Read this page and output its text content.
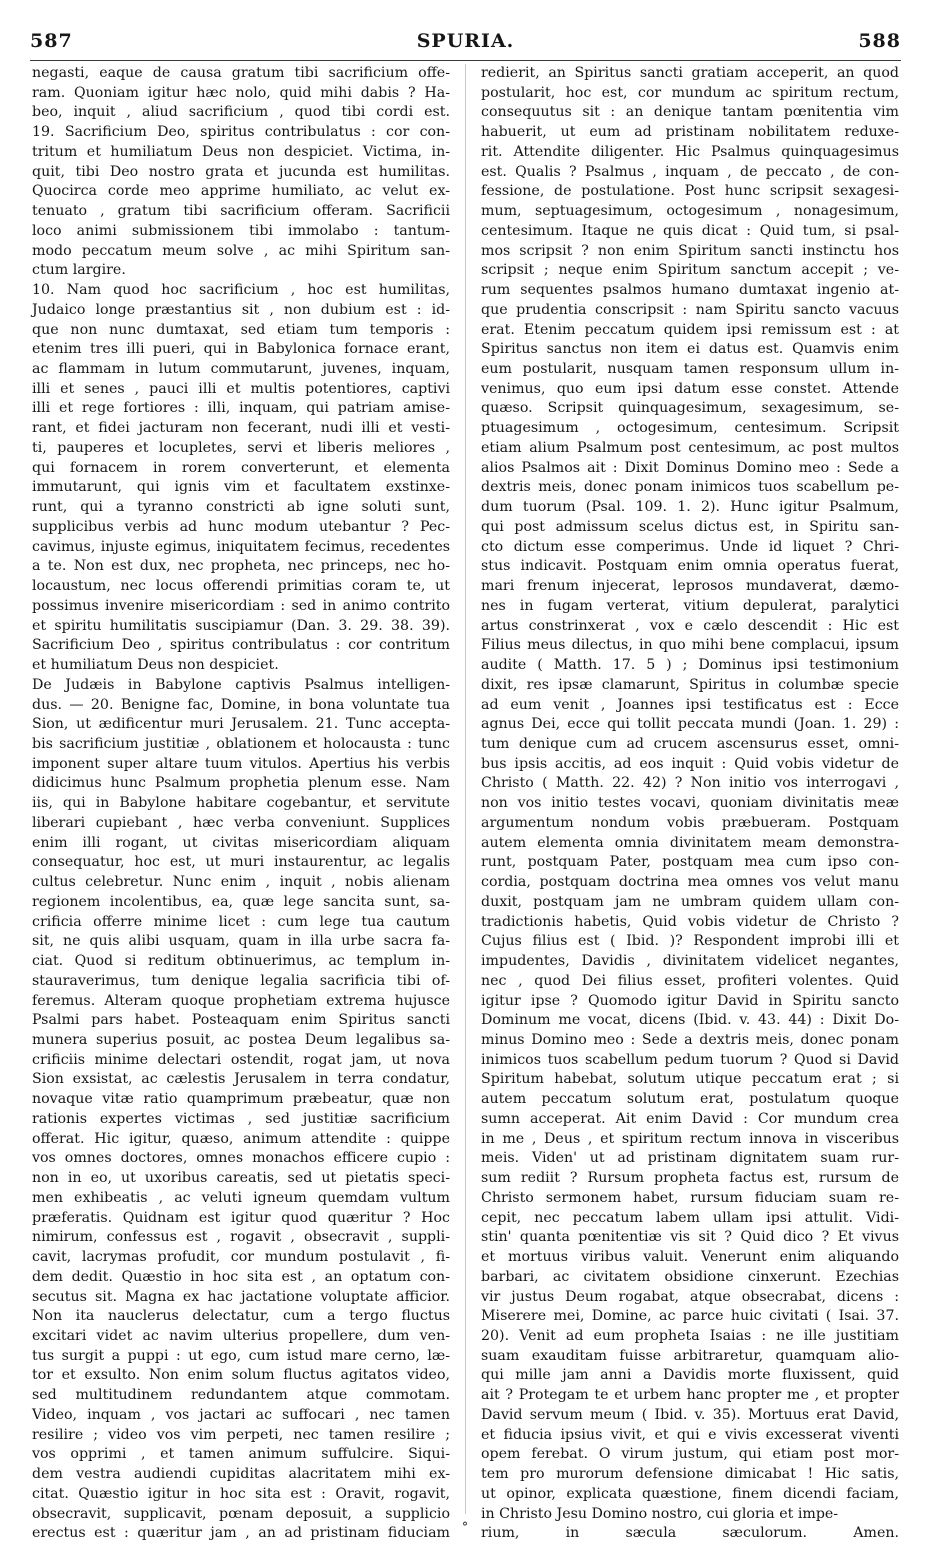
587	SPURIA.	588
negasti, eaque de causa gratum tibi sacrificium offe-
ram. Quoniam igitur hæc nolo, quid mihi dabis ? Ha-
beo, inquit , aliud sacrificium , quod tibi cordi est.
19. Sacrificium Deo, spiritus contribulatus : cor con-
tritum et humiliatum Deus non despiciet. Victima, in-
quit, tibi Deo nostro grata et jucunda est humilitas.
Quocirca corde meo apprime humiliato, ac velut ex-
tenuato , gratum tibi sacrificium offeram. Sacrificii
loco animi submissionem tibi immolabo : tantum-
modo peccatum meum solve , ac mihi Spiritum san-
ctum largire.
10. Nam quod hoc sacrificium , hoc est humilitas,
Judaico longe præstantius sit , non dubium est : id-
que non nunc dumtaxat, sed etiam tum temporis :
etenim tres illi pueri, qui in Babylonica fornace erant,
ac flammam in lutum commutarunt, juvenes, inquam,
illi et senes , pauci illi et multis potentiores, captivi
illi et rege fortiores : illi, inquam, qui patriam amise-
rant, et fidei jacturam non fecerant, nudi illi et vesti-
ti, pauperes et locupletes, servi et liberis meliores ,
qui fornacem in rorem converterunt, et elementa
immutarunt, qui ignis vim et facultatem exstinxe-
runt, qui a tyranno constricti ab igne soluti sunt,
supplicibus verbis ad hunc modum utebantur ? Pec-
cavimus, injuste egimus, iniquitatem fecimus, recedentes
a te. Non est dux, nec propheta, nec princeps, nec ho-
locaustum, nec locus offerendi primitias coram te, ut
possimus invenire misericordiam : sed in animo contrito
et spiritu humilitatis suscipiamur (Dan. 3. 29. 38. 39).
Sacrificium Deo , spiritus contribulatus : cor contritum
et humiliatum Deus non despiciet.
De Judæis in Babylone captivis Psalmus intelligen-
dus. — 20. Benigne fac, Domine, in bona voluntate tua
Sion, ut ædificentur muri Jerusalem. 21. Tunc accepta-
bis sacrificium justitiæ , oblationem et holocausta : tunc
imponent super altare tuum vitulos. Apertius his verbis
didicimus hunc Psalmum prophetia plenum esse. Nam
iis, qui in Babylone habitare cogebantur, et servitute
liberari cupiebant , hæc verba conveniunt. Supplices
enim illi rogant, ut civitas misericordiam aliquam
consequatur, hoc est, ut muri instaurentur, ac legalis
cultus celebretur. Nunc enim , inquit , nobis alienam
regionem incolentibus, ea, quæ lege sancita sunt, sa-
crificia offerre minime licet : cum lege tua cautum
sit, ne quis alibi usquam, quam in illa urbe sacra fa-
ciat. Quod si reditum obtinuerimus, ac templum in-
stauraverimus, tum denique legalia sacrificia tibi of-
feremus. Alteram quoque prophetiam extrema hujusce
Psalmi pars habet. Posteaquam enim Spiritus sancti
munera superius posuit, ac postea Deum legalibus sa-
crificiis minime delectari ostendit, rogat jam, ut nova
Sion exsistat, ac cælestis Jerusalem in terra condatur,
novaque vitæ ratio quamprimum præbeatur, quæ non
rationis expertes victimas , sed justitiæ sacrificium
offerat. Hic igitur, quæso, animum attendite : quippe
vos omnes doctores, omnes monachos efficere cupio :
non in eo, ut uxoribus careatis, sed ut pietatis speci-
men exhibeatis , ac veluti igneum quemdam vultum
præferatis. Quidnam est igitur quod quæritur ? Hoc
nimirum, confessus est , rogavit , obsecravit , suppli-
cavit, lacrymas profudit, cor mundum postulavit , fi-
dem dedit. Quæstio in hoc sita est , an optatum con-
secutus sit. Magna ex hac jactatione voluptate afficior.
Non ita nauclerus delectatur, cum a tergo fluctus
excitari videt ac navim ulterius propellere, dum ven-
tus surgit a puppi : ut ego, cum istud mare cerno, læ-
tor et exsulto. Non enim solum fluctus agitatos video,
sed multitudinem redundantem atque commotam.
Video, inquam , vos jactari ac suffocari , nec tamen
resilire ; video vos vim perpeti, nec tamen resilire ;
vos opprimi , et tamen animum suffulcire. Siqui-
dem vestra audiendi cupiditas alacritatem mihi ex-
citat. Quæstio igitur in hoc sita est : Oravit, rogavit,
obsecravit, supplicavit, pœnam deposuit, a supplicio
erectus est : quæritur jam , an ad pristinam fiduciam
redierit, an Spiritus sancti gratiam acceperit, an quod
postularit, hoc est, cor mundum ac spiritum rectum,
consequutus sit : an denique tantam pœnitentia vim
habuerit, ut eum ad pristinam nobilitatem reduxe-
rit. Attendite diligenter. Hic Psalmus quinquagesimus
est. Qualis ? Psalmus , inquam , de peccato , de con-
fessione, de postulatione. Post hunc scripsit sexagesi-
mum, septuagesimum, octogesimum , nonagesimum,
centesimum. Itaque ne quis dicat : Quid tum, si psal-
mos scripsit ? non enim Spiritum sancti instinctu hos
scripsit ; neque enim Spiritum sanctum accepit ; ve-
rum sequentes psalmos humano dumtaxat ingenio at-
que prudentia conscripsit : nam Spiritu sancto vacuus
erat. Etenim peccatum quidem ipsi remissum est : at
Spiritus sanctus non item ei datus est. Quamvis enim
eum postularit, nusquam tamen responsum ullum in-
venimus, quo eum ipsi datum esse constet. Attende
quæso. Scripsit quinquagesimum, sexagesimum, se-
ptuagesimum , octogesimum, centesimum. Scripsit
etiam alium Psalmum post centesimum, ac post multos
alios Psalmos ait : Dixit Dominus Domino meo : Sede a
dextris meis, donec ponam inimicos tuos scabellum pe-
dum tuorum (Psal. 109. 1. 2). Hunc igitur Psalmum,
qui post admissum scelus dictus est, in Spiritu san-
cto dictum esse comperimus. Unde id liquet ? Chri-
stus indicavit. Postquam enim omnia operatus fuerat,
mari frenum injecerat, leprosos mundaverat, dæmo-
nes in fugam verterat, vitium depulerat, paralytici
artus constrinxerat , vox e cælo descendit : Hic est
Filius meus dilectus, in quo mihi bene complacui, ipsum
audite ( Matth. 17. 5 ) ; Dominus ipsi testimonium
dixit, res ipsæ clamarunt, Spiritus in columbæ specie
ad eum venit , Joannes ipsi testificatus est : Ecce
agnus Dei, ecce qui tollit peccata mundi (Joan. 1. 29) :
tum denique cum ad crucem ascensurus esset, omni-
bus ipsis accitis, ad eos inquit : Quid vobis videtur de
Christo ( Matth. 22. 42) ? Non initio vos interrogavi ,
non vos initio testes vocavi, quoniam divinitatis meæ
argumentum nondum vobis præbueram. Postquam
autem elementa omnia divinitatem meam demonstra-
runt, postquam Pater, postquam mea cum ipso con-
cordia, postquam doctrina mea omnes vos velut manu
duxit, postquam jam ne umbram quidem ullam con-
tradictionis habetis, Quid vobis videtur de Christo ?
Cujus filius est ( Ibid. )? Respondent improbi illi et
impudentes, Davidis , divinitatem videlicet negantes,
nec , quod Dei filius esset, profiteri volentes. Quid
igitur ipse ? Quomodo igitur David in Spiritu sancto
Dominum me vocat, dicens (Ibid. v. 43. 44) : Dixit Do-
minus Domino meo : Sede a dextris meis, donec ponam
inimicos tuos scabellum pedum tuorum ? Quod si David
Spiritum habebat, solutum utique peccatum erat ; si
autem peccatum solutum erat, postulatum quoque
sumn acceperat. Ait enim David : Cor mundum crea
in me , Deus , et spiritum rectum innova in visceribus
meis. Viden' ut ad pristinam dignitatem suam rur-
sum rediit ? Rursum propheta factus est, rursum de
Christo sermonem habet, rursum fiduciam suam re-
cepit, nec peccatum labem ullam ipsi attulit. Vidi-
stin' quanta pœnitentiæ vis sit ? Quid dico ? Et vivus
et mortuus viribus valuit. Venerunt enim aliquando
barbari, ac civitatem obsidione cinxerunt. Ezechias
vir justus Deum rogabat, atque obsecrabat, dicens :
Miserere mei, Domine, ac parce huic civitati ( Isai. 37.
20). Venit ad eum propheta Isaias : ne ille justitiam
suam exauditam fuisse arbitraretur, quamquam alio-
qui mille jam anni a Davidis morte fluxissent, quid
ait ? Protegam te et urbem hanc propter me , et propter
David servum meum ( Ibid. v. 35). Mortuus erat David,
et fiducia ipsius vivit, et qui e vivis excesserat viventi
opem ferebat. O virum justum, qui etiam post mor-
tem pro murorum defensione dimicabat ! Hic satis,
ut opinor, explicata quæstione, finem dicendi faciam,
in Christo Jesu Domino nostro, cui gloria et impe-
rium, in sæcula sæculorum. Amen.
°
